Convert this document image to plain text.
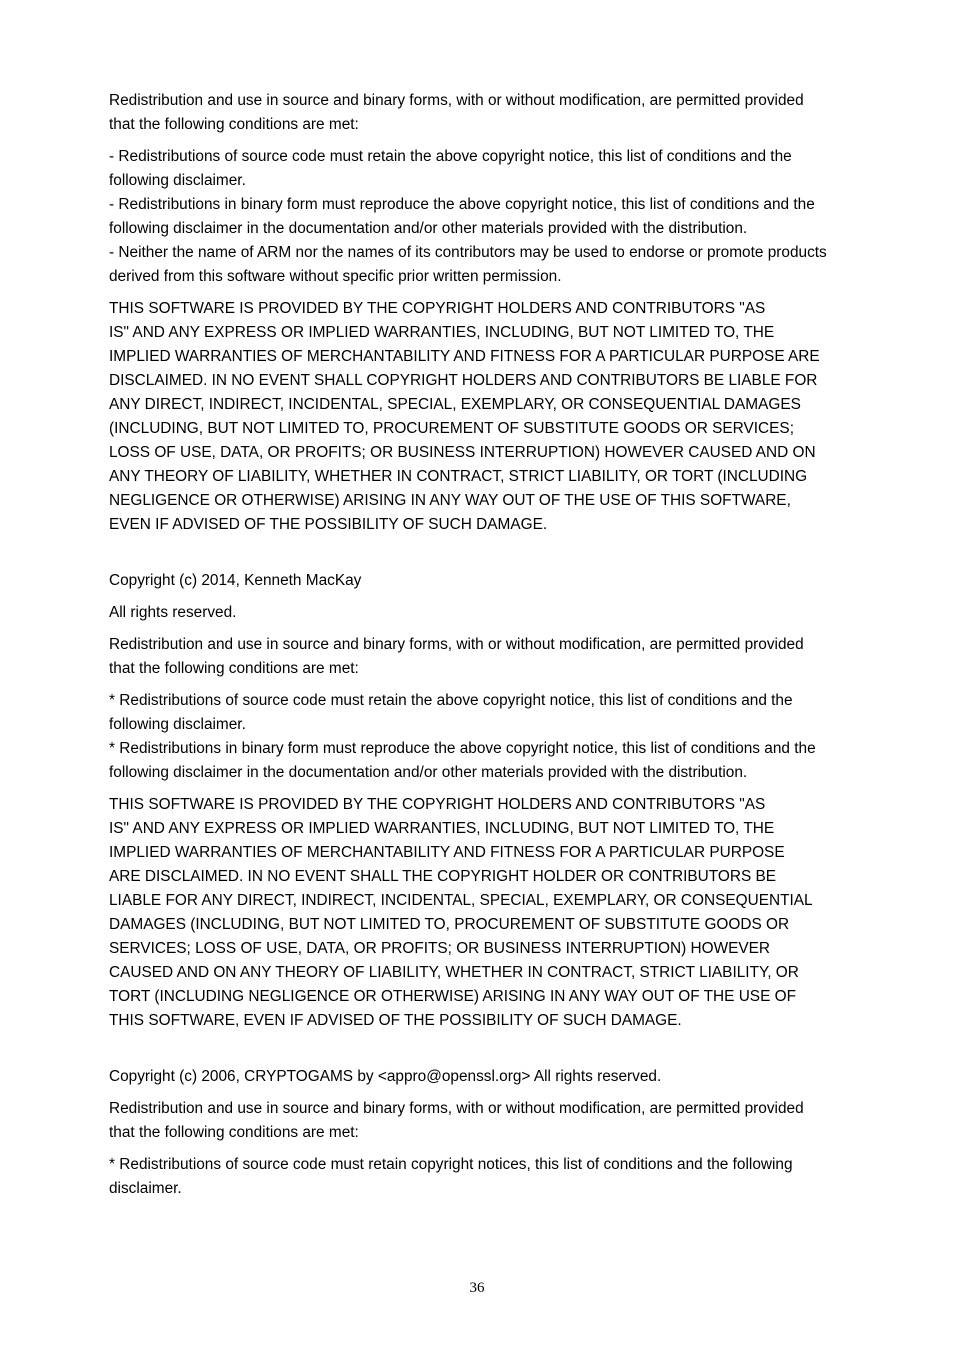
Redistribution and use in source and binary forms, with or without modification, are permitted provided
that the following conditions are met:
- Redistributions of source code must retain the above copyright notice, this list of conditions and the
following disclaimer.
- Redistributions in binary form must reproduce the above copyright notice, this list of conditions and the
following disclaimer in the documentation and/or other materials provided with the distribution.
- Neither the name of ARM nor the names of its contributors may be used to endorse or promote products
derived from this software without specific prior written permission.
THIS SOFTWARE IS PROVIDED BY THE COPYRIGHT HOLDERS AND CONTRIBUTORS "AS
IS" AND ANY EXPRESS OR IMPLIED WARRANTIES, INCLUDING, BUT NOT LIMITED TO, THE
IMPLIED WARRANTIES OF MERCHANTABILITY AND FITNESS FOR A PARTICULAR PURPOSE ARE
DISCLAIMED. IN NO EVENT SHALL COPYRIGHT HOLDERS AND CONTRIBUTORS BE LIABLE FOR
ANY DIRECT, INDIRECT, INCIDENTAL, SPECIAL, EXEMPLARY, OR CONSEQUENTIAL DAMAGES
(INCLUDING, BUT NOT LIMITED TO, PROCUREMENT OF SUBSTITUTE GOODS OR SERVICES;
LOSS OF USE, DATA, OR PROFITS; OR BUSINESS INTERRUPTION) HOWEVER CAUSED AND ON
ANY THEORY OF LIABILITY, WHETHER IN CONTRACT, STRICT LIABILITY, OR TORT (INCLUDING
NEGLIGENCE OR OTHERWISE) ARISING IN ANY WAY OUT OF THE USE OF THIS SOFTWARE,
EVEN IF ADVISED OF THE POSSIBILITY OF SUCH DAMAGE.
Copyright (c) 2014, Kenneth MacKay
All rights reserved.
Redistribution and use in source and binary forms, with or without modification, are permitted provided
that the following conditions are met:
* Redistributions of source code must retain the above copyright notice, this list of conditions and the
following disclaimer.
* Redistributions in binary form must reproduce the above copyright notice, this list of conditions and the
following disclaimer in the documentation and/or other materials provided with the distribution.
THIS SOFTWARE IS PROVIDED BY THE COPYRIGHT HOLDERS AND CONTRIBUTORS "AS
IS" AND ANY EXPRESS OR IMPLIED WARRANTIES, INCLUDING, BUT NOT LIMITED TO, THE
IMPLIED WARRANTIES OF MERCHANTABILITY AND FITNESS FOR A PARTICULAR PURPOSE
ARE DISCLAIMED. IN NO EVENT SHALL THE COPYRIGHT HOLDER OR CONTRIBUTORS BE
LIABLE FOR ANY DIRECT, INDIRECT, INCIDENTAL, SPECIAL, EXEMPLARY, OR CONSEQUENTIAL
DAMAGES (INCLUDING, BUT NOT LIMITED TO, PROCUREMENT OF SUBSTITUTE GOODS OR
SERVICES; LOSS OF USE, DATA, OR PROFITS; OR BUSINESS INTERRUPTION) HOWEVER
CAUSED AND ON ANY THEORY OF LIABILITY, WHETHER IN CONTRACT, STRICT LIABILITY, OR
TORT (INCLUDING NEGLIGENCE OR OTHERWISE) ARISING IN ANY WAY OUT OF THE USE OF
THIS SOFTWARE, EVEN IF ADVISED OF THE POSSIBILITY OF SUCH DAMAGE.
Copyright (c) 2006, CRYPTOGAMS by <appro@openssl.org> All rights reserved.
Redistribution and use in source and binary forms, with or without modification, are permitted provided
that the following conditions are met:
* Redistributions of source code must retain copyright notices, this list of conditions and the following
disclaimer.
36
